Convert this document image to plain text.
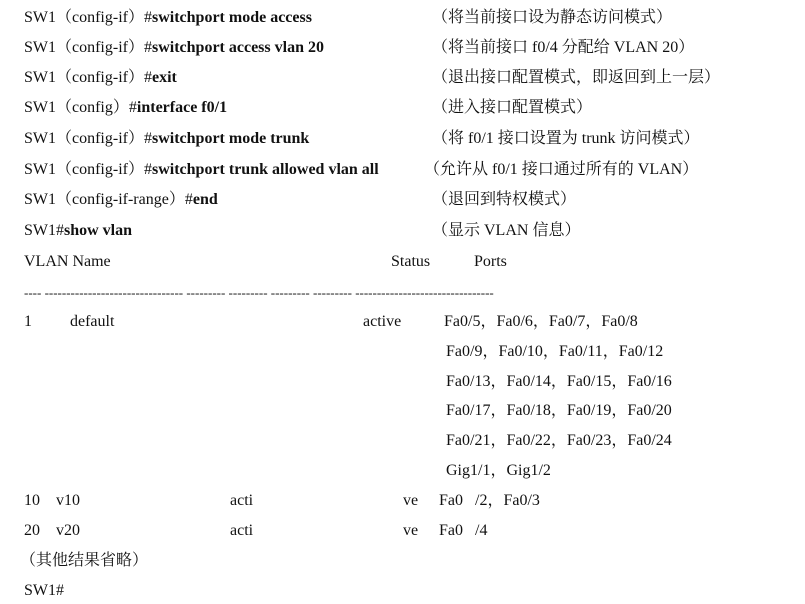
SW1（config-if）#switchport mode access	（将当前接口设为静态访问模式）
SW1（config-if）#switchport access vlan 20	（将当前接口 f0/4 分配给 VLAN 20）
SW1（config-if）#exit	（退出接口配置模式，即返回到上一层）
SW1（config）#interface f0/1	（进入接口配置模式）
SW1（config-if）#switchport mode trunk	（将 f0/1 接口设置为 trunk 访问模式）
SW1（config-if）#switchport trunk allowed vlan all	（允许从 f0/1 接口通过所有的 VLAN）
SW1（config-if-range）#end	（退回到特权模式）
SW1#show vlan	（显示 VLAN 信息）
VLAN Name	Status	Ports
---- -------------------------------- --------- --------- --------- --------- --------------------------------
1 default	active	Fa0/5，Fa0/6，Fa0/7，Fa0/8
Fa0/9，Fa0/10，Fa0/11，Fa0/12
Fa0/13，Fa0/14，Fa0/15，Fa0/16
Fa0/17，Fa0/18，Fa0/19，Fa0/20
Fa0/21，Fa0/22，Fa0/23，Fa0/24
Gig1/1，Gig1/2
10 v10	acti	ve Fa0 /2，Fa0/3
20 v20	acti	ve Fa0 /4
（其他结果省略）
SW1#
